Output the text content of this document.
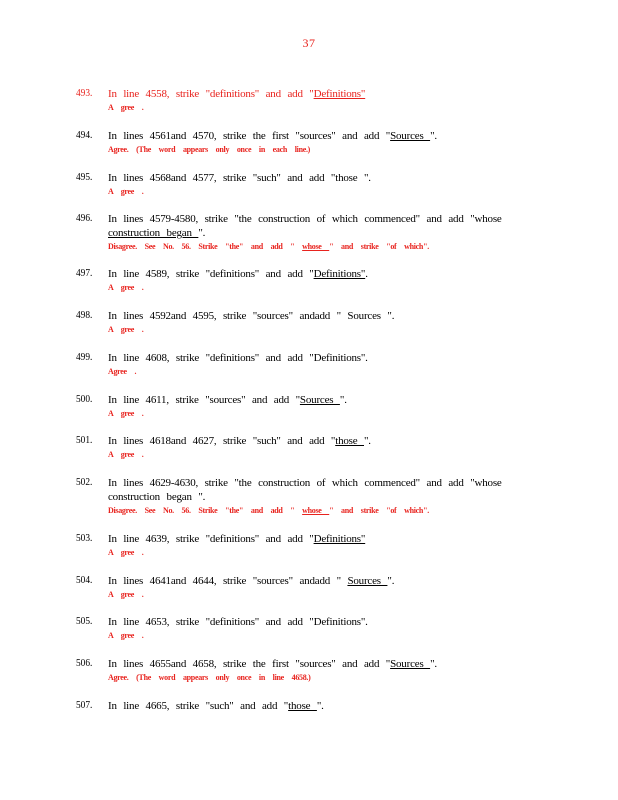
37
493. In line 4558, strike "definitions" and add "Definitions"
A gree .
494. In lines 4561and 4570, strike the first "sources" and add "Sources ".
Agree. (The word appears only once in each line.)
495. In lines 4568and 4577, strike "such" and add "those ".
A gree .
496. In lines 4579-4580, strike "the construction of which commenced" and add "whose construction began ".
Disagree. See No. 56. Strike "the" and add " whose " and strike "of which".
497. In line 4589, strike "definitions" and add "Definitions".
A gree .
498. In lines 4592and 4595, strike "sources" andadd " Sources ".
A gree .
499. In line 4608, strike "definitions" and add "Definitions".
Agree .
500. In line 4611, strike "sources" and add "Sources ".
A gree .
501. In lines 4618and 4627, strike "such" and add "those ".
A gree .
502. In lines 4629-4630, strike "the construction of which commenced" and add "whose construction began ".
Disagree. See No. 56. Strike "the" and add " whose " and strike "of which".
503. In line 4639, strike "definitions" and add "Definitions"
A gree .
504. In lines 4641and 4644, strike "sources" andadd " Sources ".
A gree .
505. In line 4653, strike "definitions" and add "Definitions".
A gree .
506. In lines 4655and 4658, strike the first "sources" and add "Sources ".
Agree. (The word appears only once in line 4658.)
507. In line 4665, strike "such" and add "those ".
